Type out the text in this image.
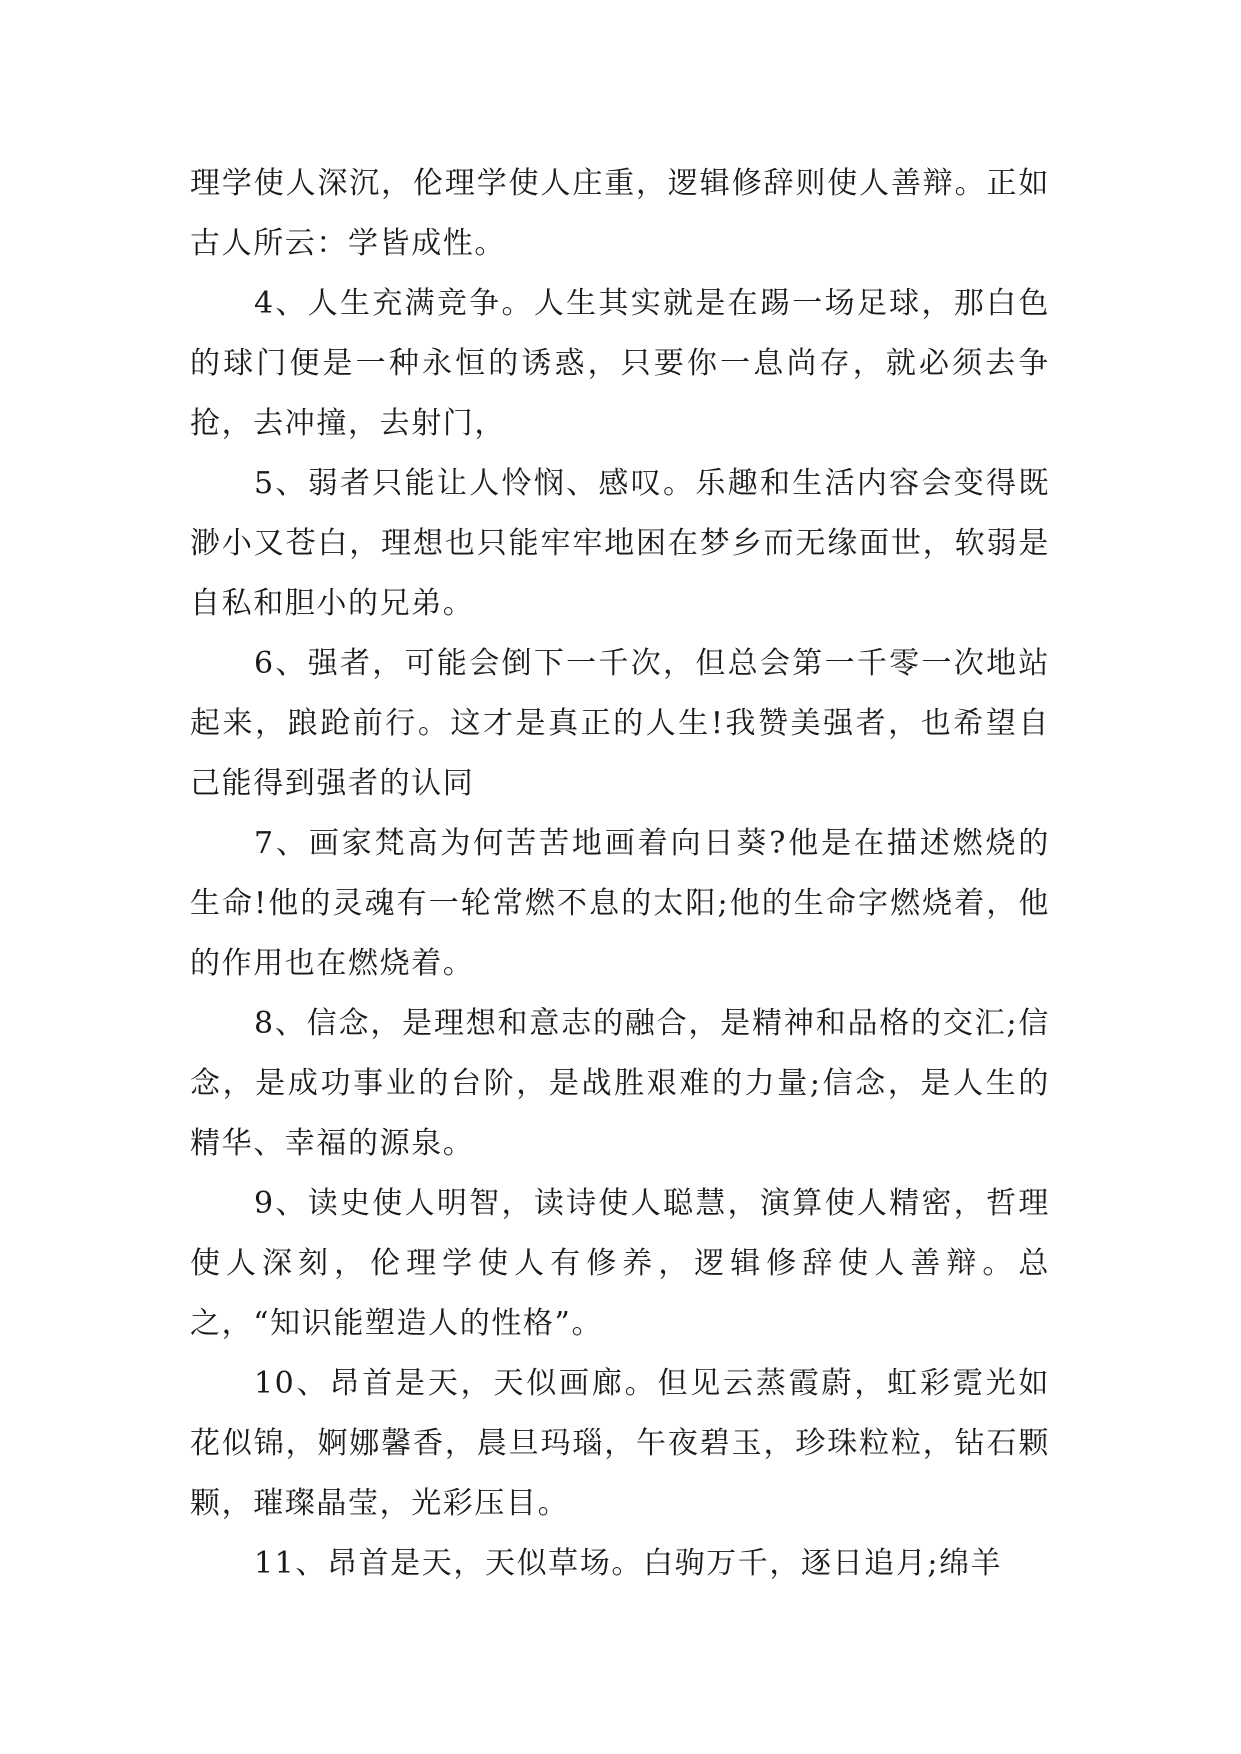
理学使人深沉，伦理学使人庄重，逻辑修辞则使人善辩。正如古人所云：学皆成性。

4、人生充满竞争。人生其实就是在踢一场足球，那白色的球门便是一种永恒的诱惑，只要你一息尚存，就必须去争抢，去冲撞，去射门，

5、弱者只能让人怜悯、感叹。乐趣和生活内容会变得既渺小又苍白，理想也只能牢牢地困在梦乡而无缘面世，软弱是自私和胆小的兄弟。

6、强者，可能会倒下一千次，但总会第一千零一次地站起来，踉跄前行。这才是真正的人生!我赞美强者，也希望自己能得到强者的认同

7、画家梵高为何苦苦地画着向日葵?他是在描述燃烧的生命!他的灵魂有一轮常燃不息的太阳;他的生命字燃烧着，他的作用也在燃烧着。

8、信念，是理想和意志的融合，是精神和品格的交汇;信念，是成功事业的台阶，是战胜艰难的力量;信念，是人生的精华、幸福的源泉。

9、读史使人明智，读诗使人聪慧，演算使人精密，哲理使人深刻，伦理学使人有修养，逻辑修辞使人善辩。总之，“知识能塑造人的性格”。

10、昂首是天，天似画廊。但见云蒸霞蔚，虹彩霓光如花似锦，婀娜馨香，晨旦玛瑙，午夜碧玉，珍珠粒粒，钻石颗颗，璀璨晶莹，光彩压目。

11、昂首是天，天似草场。白驹万千，逐日追月;绵羊
